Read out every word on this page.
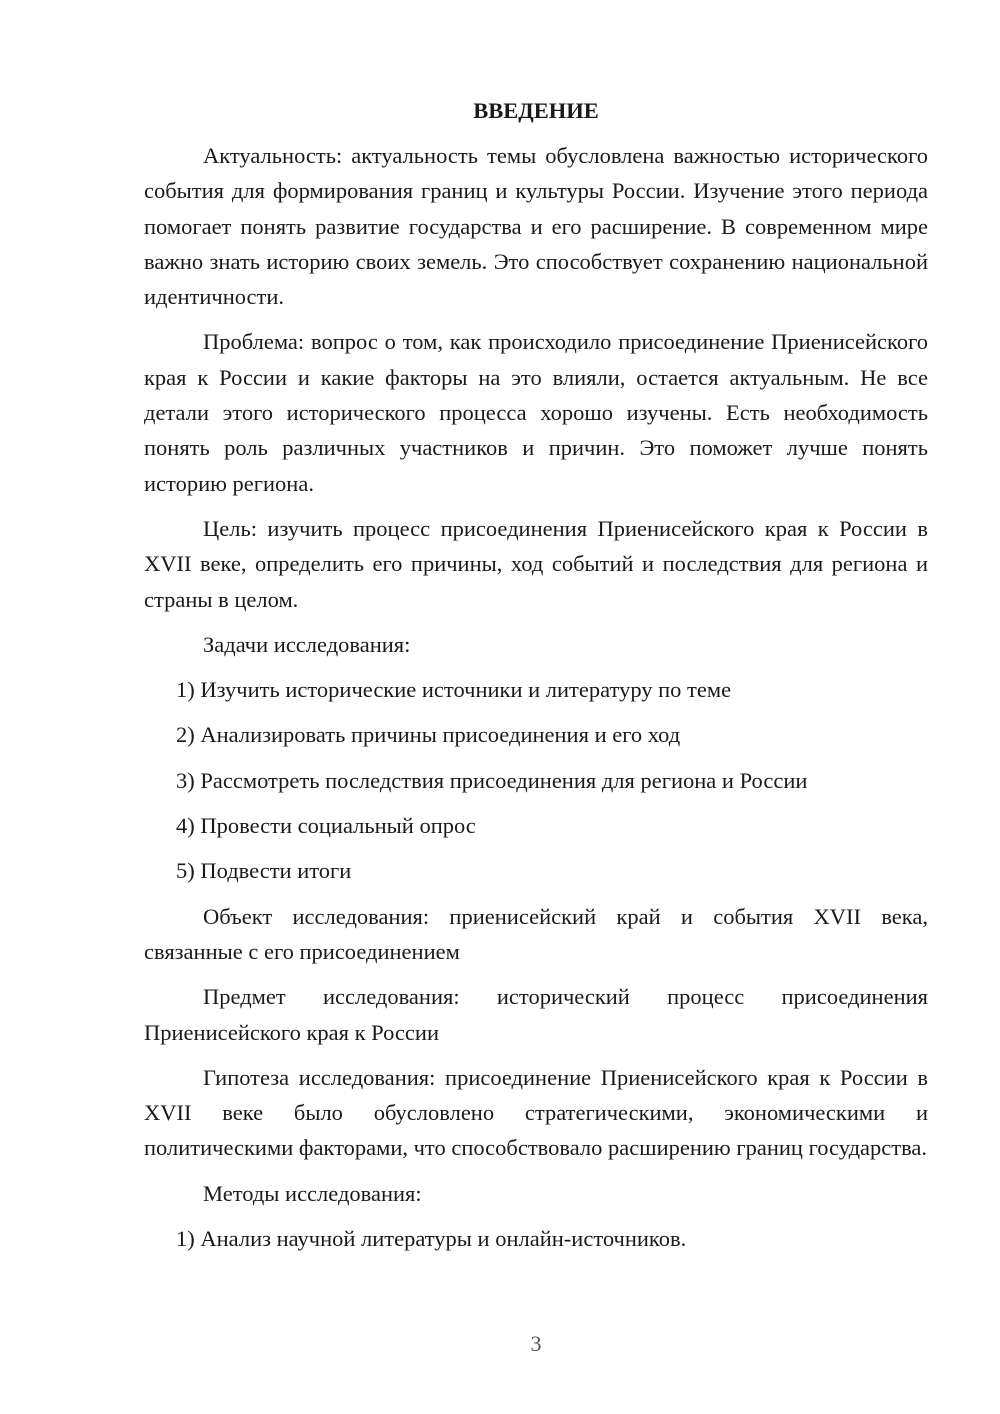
ВВЕДЕНИЕ

Актуальность: актуальность темы обусловлена важностью исторического события для формирования границ и культуры России. Изучение этого периода помогает понять развитие государства и его расширение. В современном мире важно знать историю своих земель. Это способствует сохранению национальной идентичности.

Проблема: вопрос о том, как происходило присоединение Приенисейского края к России и какие факторы на это влияли, остается актуальным. Не все детали этого исторического процесса хорошо изучены. Есть необходимость понять роль различных участников и причин. Это поможет лучше понять историю региона.

Цель: изучить процесс присоединения Приенисейского края к России в XVII веке, определить его причины, ход событий и последствия для региона и страны в целом.

Задачи исследования:

1) Изучить исторические источники и литературу по теме
2) Анализировать причины присоединения и его ход
3) Рассмотреть последствия присоединения для региона и России
4) Провести социальный опрос
5) Подвести итоги

Объект исследования: приенисейский край и события XVII века, связанные с его присоединением

Предмет исследования: исторический процесс присоединения Приенисейского края к России

Гипотеза исследования: присоединение Приенисейского края к России в XVII веке было обусловлено стратегическими, экономическими и политическими факторами, что способствовало расширению границ государства.

Методы исследования:

1) Анализ научной литературы и онлайн-источников.
3
